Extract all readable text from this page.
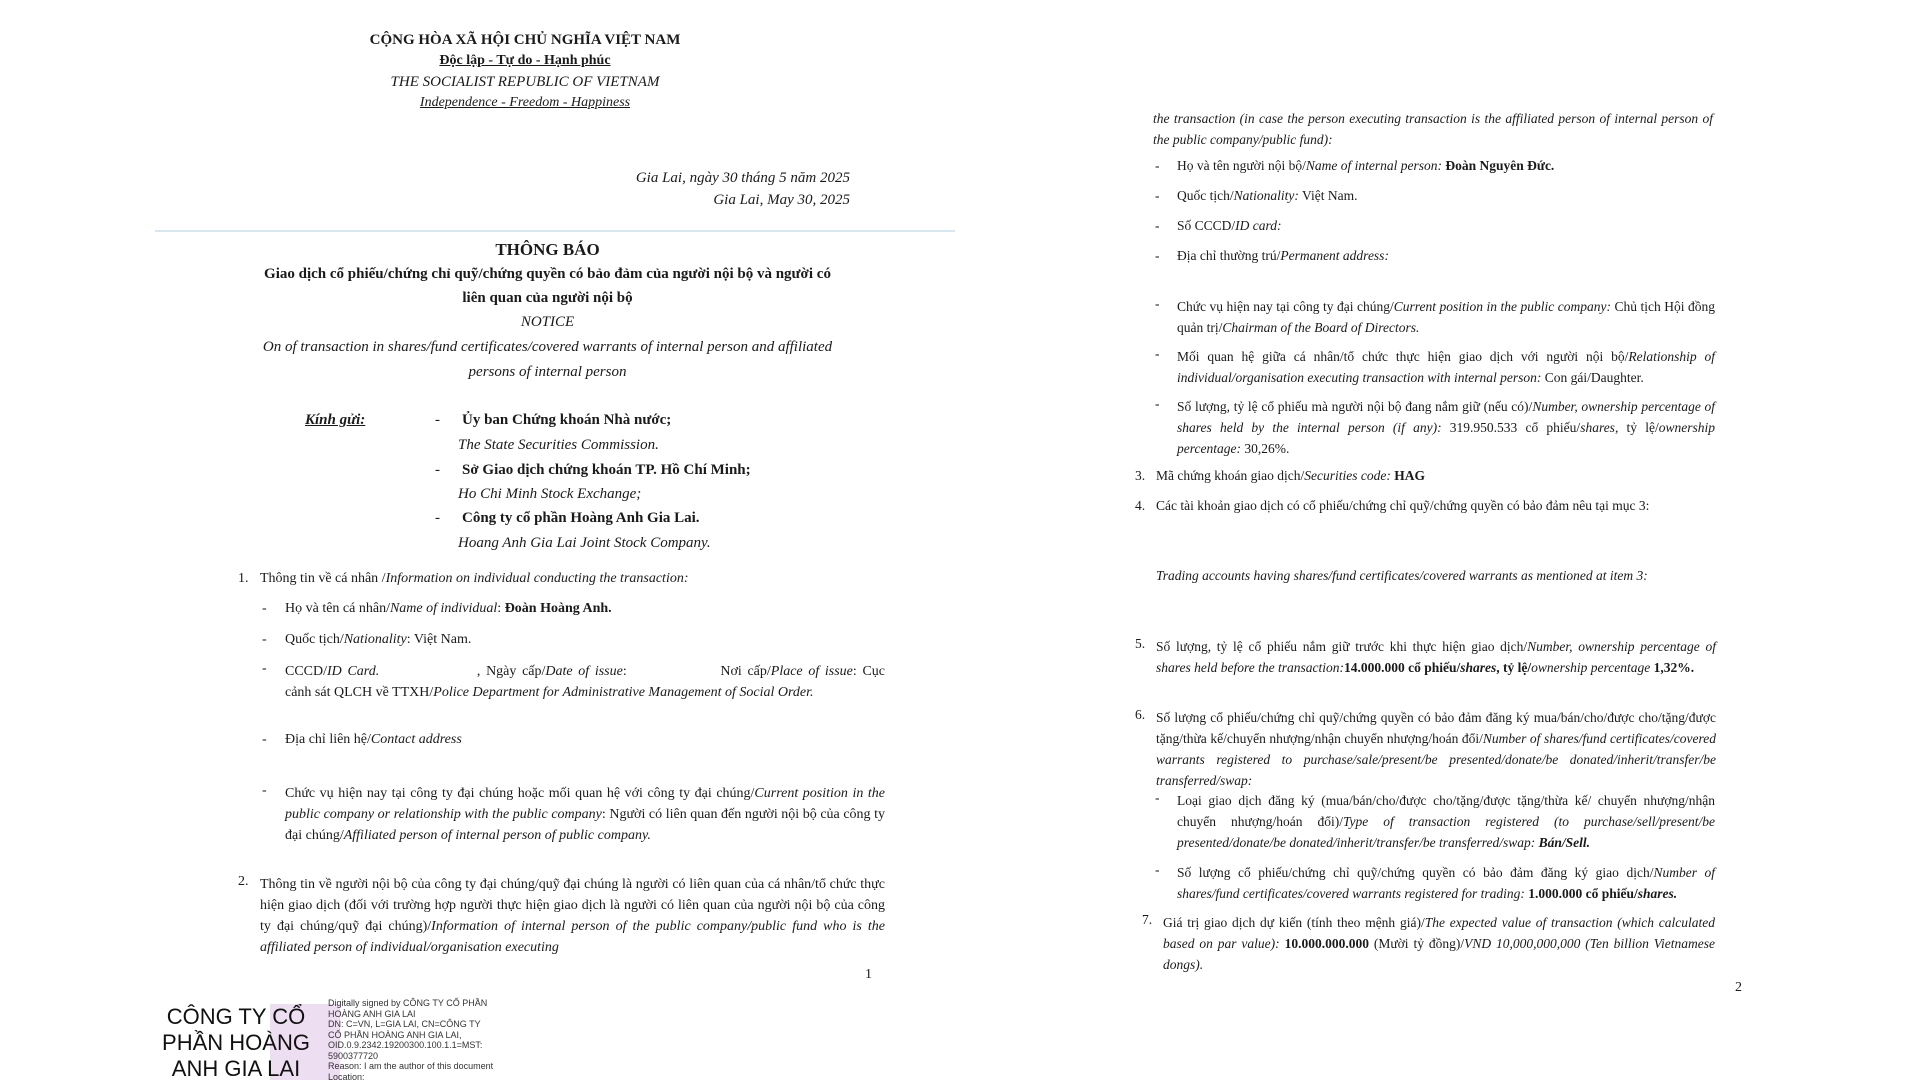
CỘNG HÒA XÃ HỘI CHỦ NGHĨA VIỆT NAM
Độc lập - Tự do - Hạnh phúc
THE SOCIALIST REPUBLIC OF VIETNAM
Independence - Freedom - Happiness
Gia Lai, ngày 30 tháng 5 năm 2025
Gia Lai, May 30, 2025
THÔNG BÁO
Giao dịch cổ phiếu/chứng chỉ quỹ/chứng quyền có bảo đảm của người nội bộ và người có
liên quan của người nội bộ
NOTICE
On of transaction in shares/fund certificates/covered warrants of internal person and affiliated
persons of internal person
Kính gửi:	- Ủy ban Chứng khoán Nhà nước;
The State Securities Commission.
- Sở Giao dịch chứng khoán TP. Hồ Chí Minh;
Ho Chi Minh Stock Exchange;
- Công ty cổ phần Hoàng Anh Gia Lai.
Hoang Anh Gia Lai Joint Stock Company.
1. Thông tin về cá nhân /Information on individual conducting the transaction:
- Họ và tên cá nhân/Name of individual: Đoàn Hoàng Anh.
- Quốc tịch/Nationality: Việt Nam.
- CCCD/ID Card.	, Ngày cấp/Date of issue:	Nơi cấp/Place of issue: Cục cảnh sát QLCH về TTXH/Police Department for Administrative Management of Social Order.
- Địa chỉ liên hệ/Contact address
- Chức vụ hiện nay tại công ty đại chúng hoặc mối quan hệ với công ty đại chúng/Current position in the public company or relationship with the public company: Người có liên quan đến người nội bộ của công ty đại chúng/Affiliated person of internal person of public company.
2. Thông tin về người nội bộ của công ty đại chúng/quỹ đại chúng là người có liên quan của cá nhân/tổ chức thực hiện giao dịch (đối với trường hợp người thực hiện giao dịch là người có liên quan của người nội bộ của công ty đại chúng/quỹ đại chúng)/Information of internal person of the public company/public fund who is the affiliated person of individual/organisation executing
1
CÔNG TY CỔ PHẦN HOÀNG ANH GIA LAI
Digitally signed by CÔNG TY CỔ PHẦN
HOÀNG ANH GIA LAI
DN: C=VN, L=GIA LAI, CN=CÔNG TY
CỔ PHẦN HOÀNG ANH GIA LAI,
OID.0.9.2342.19200300.100.1.1=MST:
5900377720
Reason: I am the author of this document
Location:
the transaction (in case the person executing transaction is the affiliated person of internal person of the public company/public fund):
- Họ và tên người nội bộ/Name of internal person: Đoàn Nguyên Đức.
- Quốc tịch/Nationality: Việt Nam.
- Số CCCD/ID card:
- Địa chỉ thường trú/Permanent address:
- Chức vụ hiện nay tại công ty đại chúng/Current position in the public company: Chủ tịch Hội đồng quản trị/Chairman of the Board of Directors.
- Mối quan hệ giữa cá nhân/tổ chức thực hiện giao dịch với người nội bộ/Relationship of individual/organisation executing transaction with internal person: Con gái/Daughter.
- Số lượng, tỷ lệ cổ phiếu mà người nội bộ đang nắm giữ (nếu có)/Number, ownership percentage of shares held by the internal person (if any): 319.950.533 cổ phiếu/shares, tỷ lệ/ownership percentage: 30,26%.
3. Mã chứng khoán giao dịch/Securities code: HAG
4. Các tài khoản giao dịch có cổ phiếu/chứng chỉ quỹ/chứng quyền có bảo đảm nêu tại mục 3:
Trading accounts having shares/fund certificates/covered warrants as mentioned at item 3:
5. Số lượng, tỷ lệ cổ phiếu nắm giữ trước khi thực hiện giao dịch/Number, ownership percentage of shares held before the transaction:14.000.000 cổ phiếu/shares, tỷ lệ/ownership percentage 1,32%.
6. Số lượng cổ phiếu/chứng chỉ quỹ/chứng quyền có bảo đảm đăng ký mua/bán/cho/được cho/tặng/được tặng/thừa kế/chuyển nhượng/nhận chuyển nhượng/hoán đổi/Number of shares/fund certificates/covered warrants registered to purchase/sale/present/be presented/donate/be donated/inherit/transfer/be transferred/swap:
- Loại giao dịch đăng ký (mua/bán/cho/được cho/tặng/được tặng/thừa kế/ chuyển nhượng/nhận chuyển nhượng/hoán đổi)/Type of transaction registered (to purchase/sell/present/be presented/donate/be donated/inherit/transfer/be transferred/swap: Bán/Sell.
- Số lượng cổ phiếu/chứng chỉ quỹ/chứng quyền có bảo đảm đăng ký giao dịch/Number of shares/fund certificates/covered warrants registered for trading: 1.000.000 cổ phiếu/shares.
7. Giá trị giao dịch dự kiến (tính theo mệnh giá)/The expected value of transaction (which calculated based on par value): 10.000.000.000 (Mười tỷ đồng)/VND 10,000,000,000 (Ten billion Vietnamese dongs).
2
